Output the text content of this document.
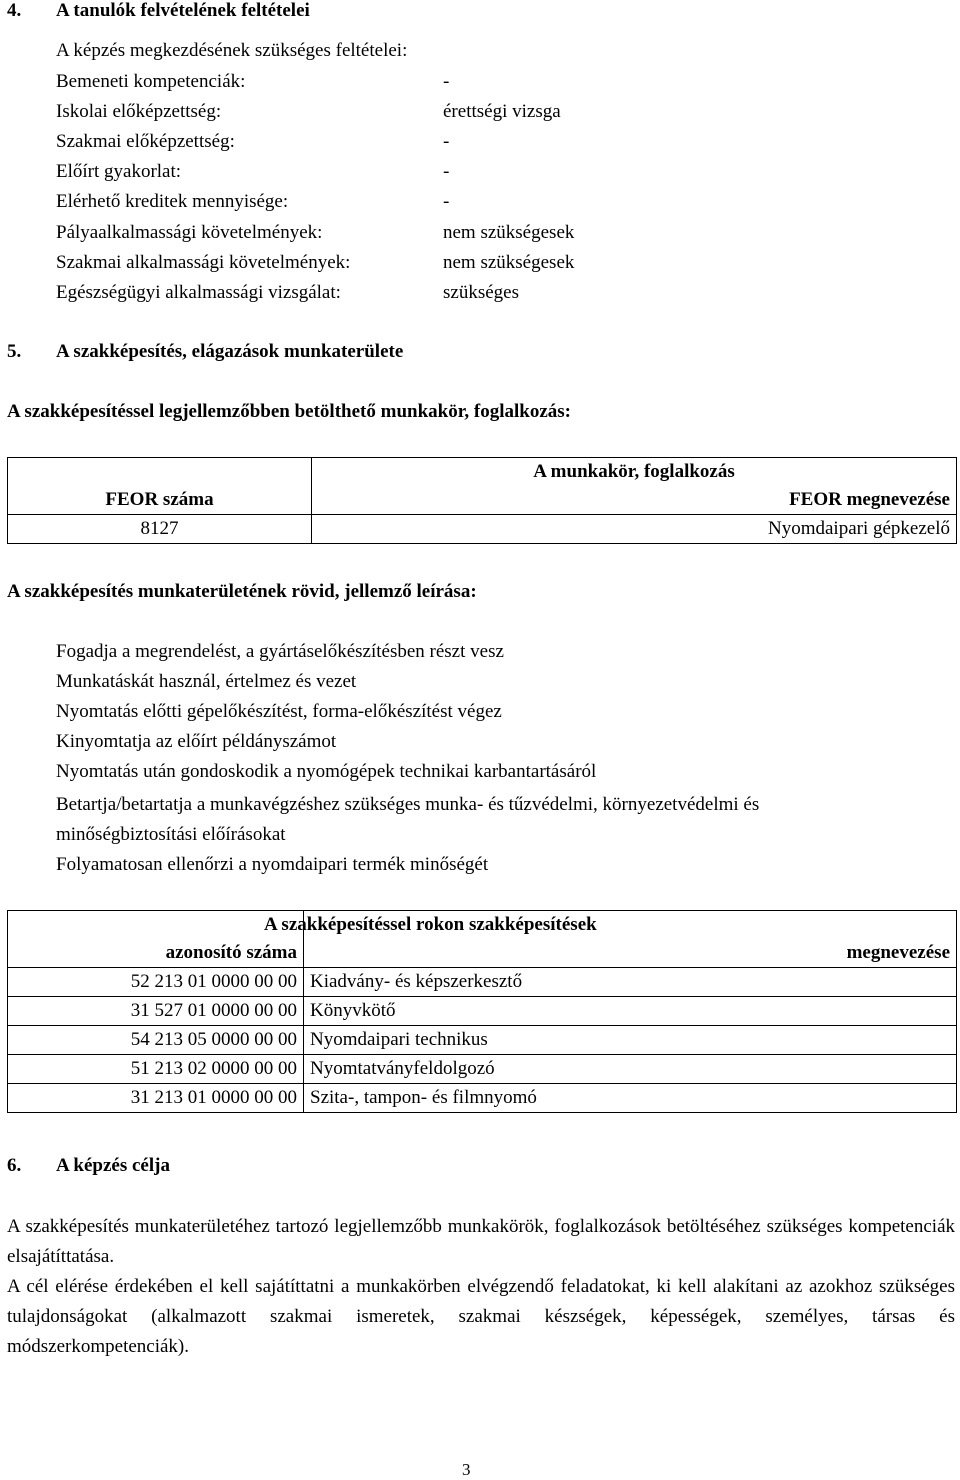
4. A tanulók felvételének feltételei
A képzés megkezdésének szükséges feltételei:
Bemeneti kompetenciák:	-
Iskolai előképzettség:	érettségi vizsga
Szakmai előképzettség:	-
Előírt gyakorlat:	-
Elérhető kreditek mennyisége:	-
Pályaalkalmassági követelmények:	nem szükségesek
Szakmai alkalmassági követelmények:	nem szükségesek
Egészségügyi alkalmassági vizsgálat:	szükséges
5. A szakképesítés, elágazások munkaterülete
A szakképesítéssel legjellemzőbben betölthető munkakör, foglalkozás:
	A munkakör, foglalkozás
FEOR száma	FEOR megnevezése
8127	Nyomdaipari gépkezelő
A szakképesítés munkaterületének rövid, jellemző leírása:
Fogadja a megrendelést, a gyártáselőkészítésben részt vesz
Munkatáskát használ, értelmez és vezet
Nyomtatás előtti gépelőkészítést, forma-előkészítést végez
Kinyomtatja az előírt példányszámot
Nyomtatás után gondoskodik a nyomógépek technikai karbantartásáról
Betartja/betartatja a munkavégzéshez szükséges munka- és tűzvédelmi, környezetvédelmi és
minőségbiztosítási előírásokat
Folyamatosan ellenőrzi a nyomdaipari termék minőségét
	A szakképesítéssel rokon szakképesítések
azonosító száma	megnevezése
52 213 01 0000 00 00	Kiadvány- és képszerkesztő
31 527 01 0000 00 00	Könyvkötő
54 213 05 0000 00 00	Nyomdaipari technikus
51 213 02 0000 00 00	Nyomtatványfeldolgozó
31 213 01 0000 00 00	Szita-, tampon- és filmnyomó
6. A képzés célja
A szakképesítés munkaterületéhez tartozó legjellemzőbb munkakörök, foglalkozások betöltéséhez szükséges kompetenciák elsajátíttatása.
A cél elérése érdekében el kell sajátíttatni a munkakörben elvégzendő feladatokat, ki kell alakítani az azokhoz szükséges tulajdonságokat (alkalmazott szakmai ismeretek, szakmai készségek, képességek, személyes, társas és módszerkompetenciák).
3
